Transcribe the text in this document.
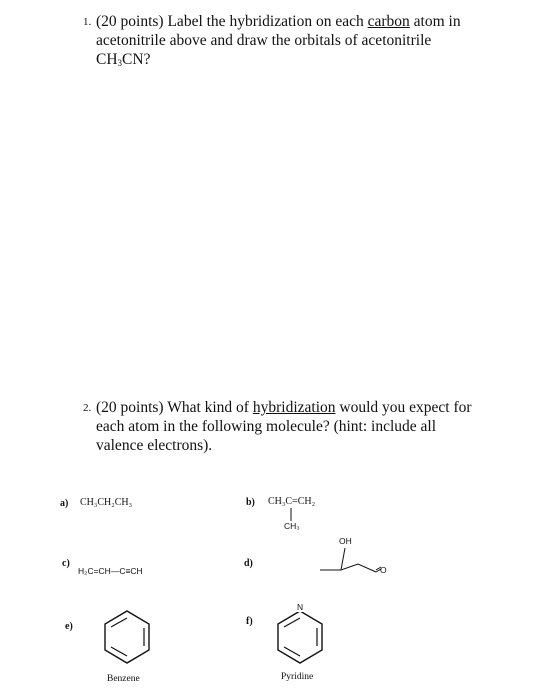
1. (20 points) Label the hybridization on each carbon atom in
acetonitrile above and draw the orbitals of acetonitrile
$CH_3CN$?
2. (20 points) What kind of hybridization would you expect for
each atom in the following molecule? (hint: include all
valence electrons).
a) CH₃CH₂CH₃	b) CH₃C=CH₂
CH₃
c)
H₂C=CH—C≡CH
d)
OH
O
e)
Benzene
f)
N
Pyridine
